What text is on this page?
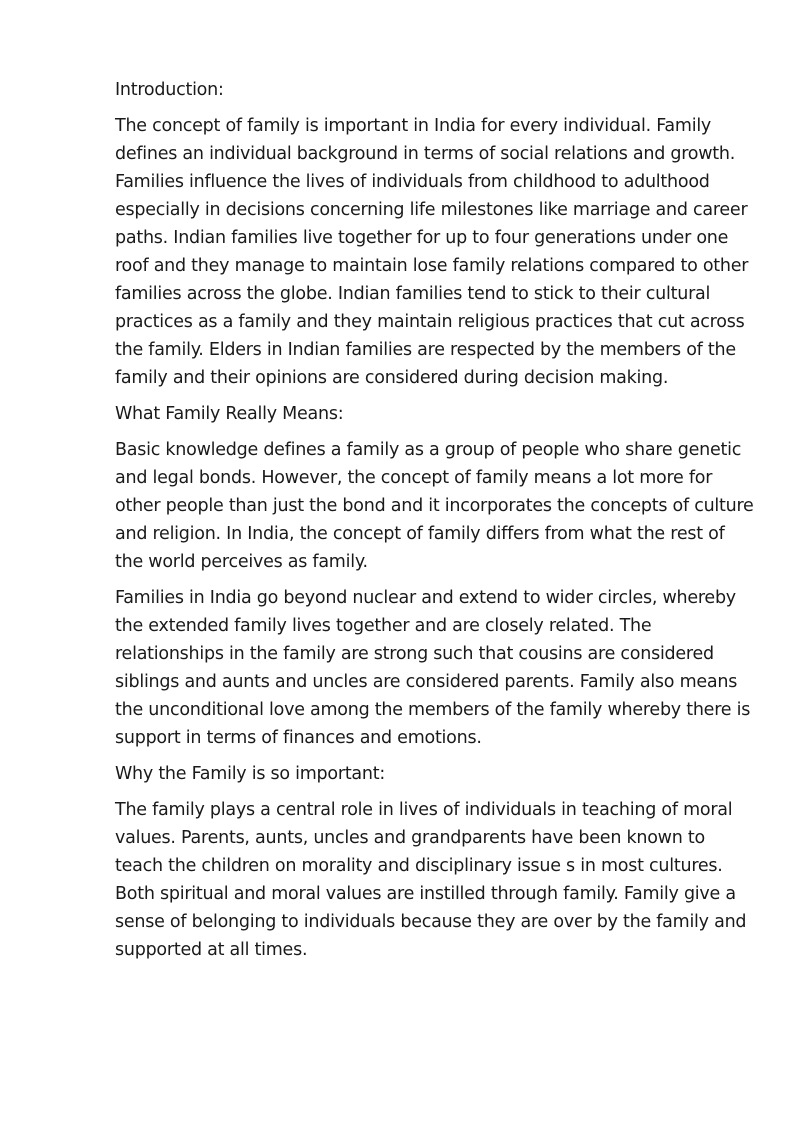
Introduction:

The concept of family is important in India for every individual. Family defines an individual background in terms of social relations and growth. Families influence the lives of individuals from childhood to adulthood especially in decisions concerning life milestones like marriage and career paths. Indian families live together for up to four generations under one roof and they manage to maintain lose family relations compared to other families across the globe. Indian families tend to stick to their cultural practices as a family and they maintain religious practices that cut across the family. Elders in Indian families are respected by the members of the family and their opinions are considered during decision making.

What Family Really Means:

Basic knowledge defines a family as a group of people who share genetic and legal bonds. However, the concept of family means a lot more for other people than just the bond and it incorporates the concepts of culture and religion. In India, the concept of family differs from what the rest of the world perceives as family.

Families in India go beyond nuclear and extend to wider circles, whereby the extended family lives together and are closely related. The relationships in the family are strong such that cousins are considered siblings and aunts and uncles are considered parents. Family also means the unconditional love among the members of the family whereby there is support in terms of finances and emotions.

Why the Family is so important:

The family plays a central role in lives of individuals in teaching of moral values. Parents, aunts, uncles and grandparents have been known to teach the children on morality and disciplinary issue s in most cultures. Both spiritual and moral values are instilled through family. Family give a sense of belonging to individuals because they are over by the family and supported at all times.
